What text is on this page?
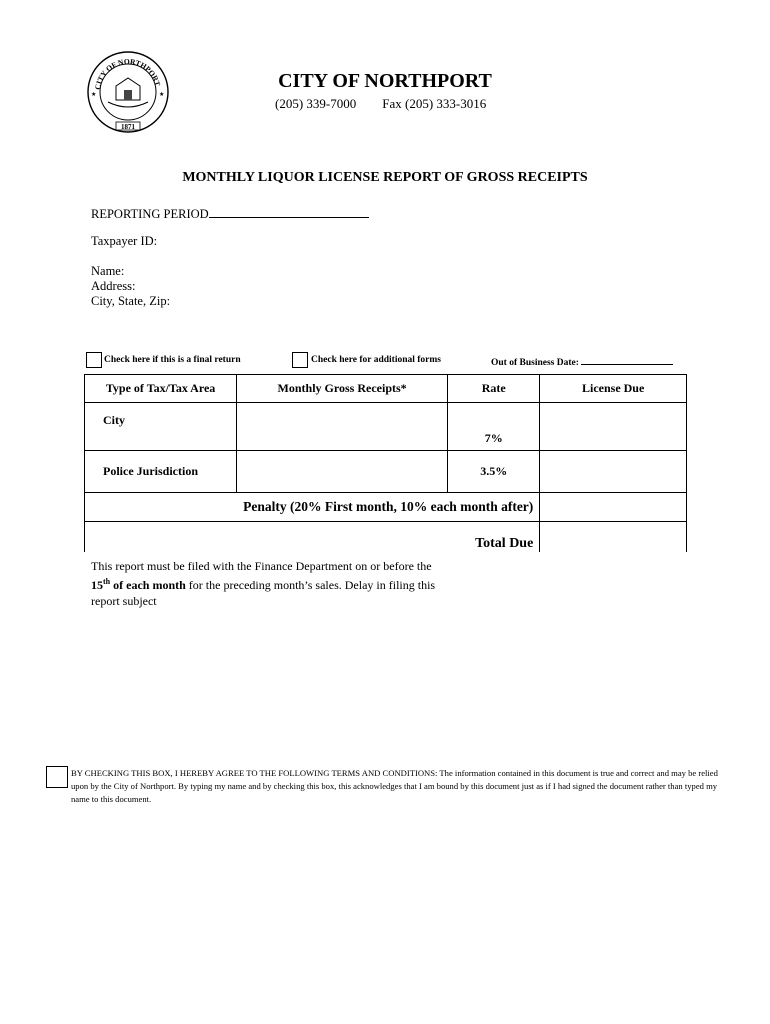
CITY OF NORTHPORT
★	★
1871
CITY OF NORTHPORT
(205) 339-7000 Fax (205) 333-3016
MONTHLY LIQUOR LICENSE REPORT OF GROSS RECEIPTS
REPORTING PERIOD
Taxpayer ID:
Name:
Address:
City, State, Zip:
Check here if this is a final return	Check here for additional forms	Out of Business Date:
Type of Tax/Tax Area	Monthly Gross Receipts*	Rate	License Due
City		7%	
Police Jurisdiction		3.5%	
Penalty (20% First month, 10% each month after)			
Total Due			
This report must be filed with the Finance Department on or before the 15th of each month for the preceding month’s sales. Delay in filing this report subject
BY CHECKING THIS BOX, I HEREBY AGREE TO THE FOLLOWING TERMS AND CONDITIONS: The information contained in this document is true and correct and may be relied upon by the City of Northport. By typing my name and by checking this box, this acknowledges that I am bound by this document just as if I had signed the document rather than typed my name to this document.
